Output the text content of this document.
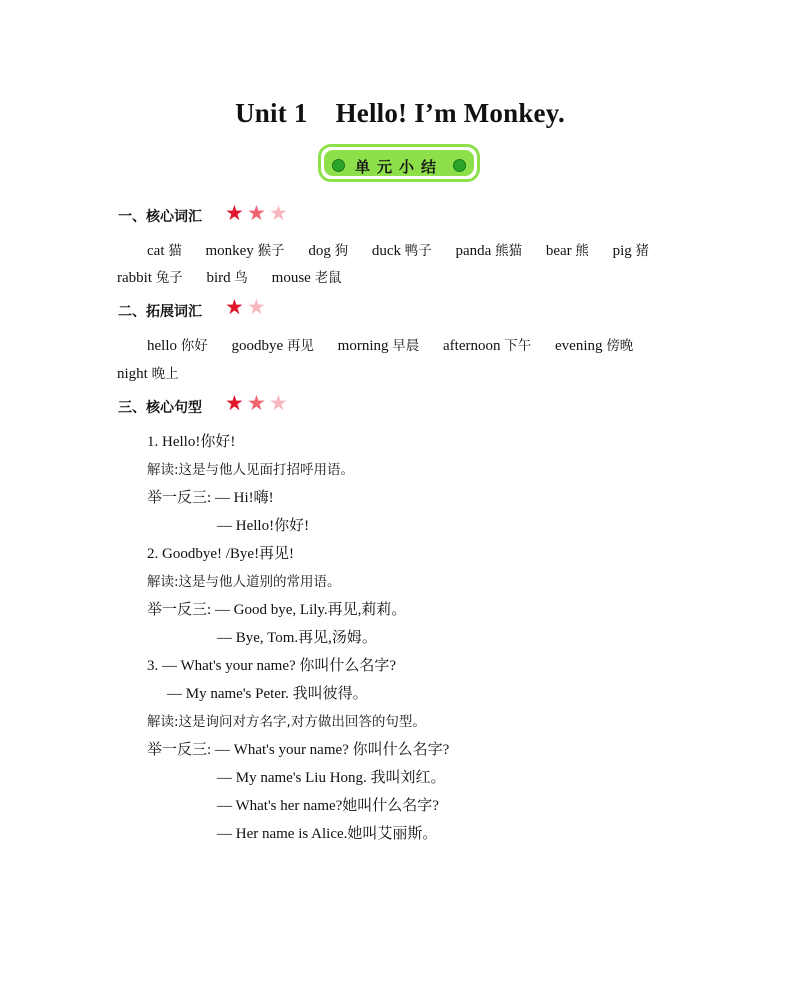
Unit 1 Hello! I’m Monkey.
单元小结
一、核心词汇 ★ ★ ★
cat 猫 monkey 猴子 dog 狗 duck 鸭子 panda 熊猫 bear 熊 pig 猪
rabbit 兔子 bird 鸟 mouse 老鼠
二、拓展词汇 ★ ★
hello 你好 goodbye 再见 morning 早晨 afternoon 下午 evening 傍晚
night 晚上
三、核心句型 ★ ★ ★
1. Hello!你好!
解读:这是与他人见面打招呼用语。
举一反三: — Hi!嗨!
— Hello!你好!
2. Goodbye! /Bye!再见!
解读:这是与他人道别的常用语。
举一反三: — Good bye, Lily.再见,莉莉。
— Bye, Tom.再见,汤姆。
3. — What's your name? 你叫什么名字?
— My name's Peter. 我叫彼得。
解读:这是询问对方名字,对方做出回答的句型。
举一反三: — What's your name? 你叫什么名字?
— My name's Liu Hong. 我叫刘红。
— What's her name?她叫什么名字?
— Her name is Alice.她叫艾丽斯。
